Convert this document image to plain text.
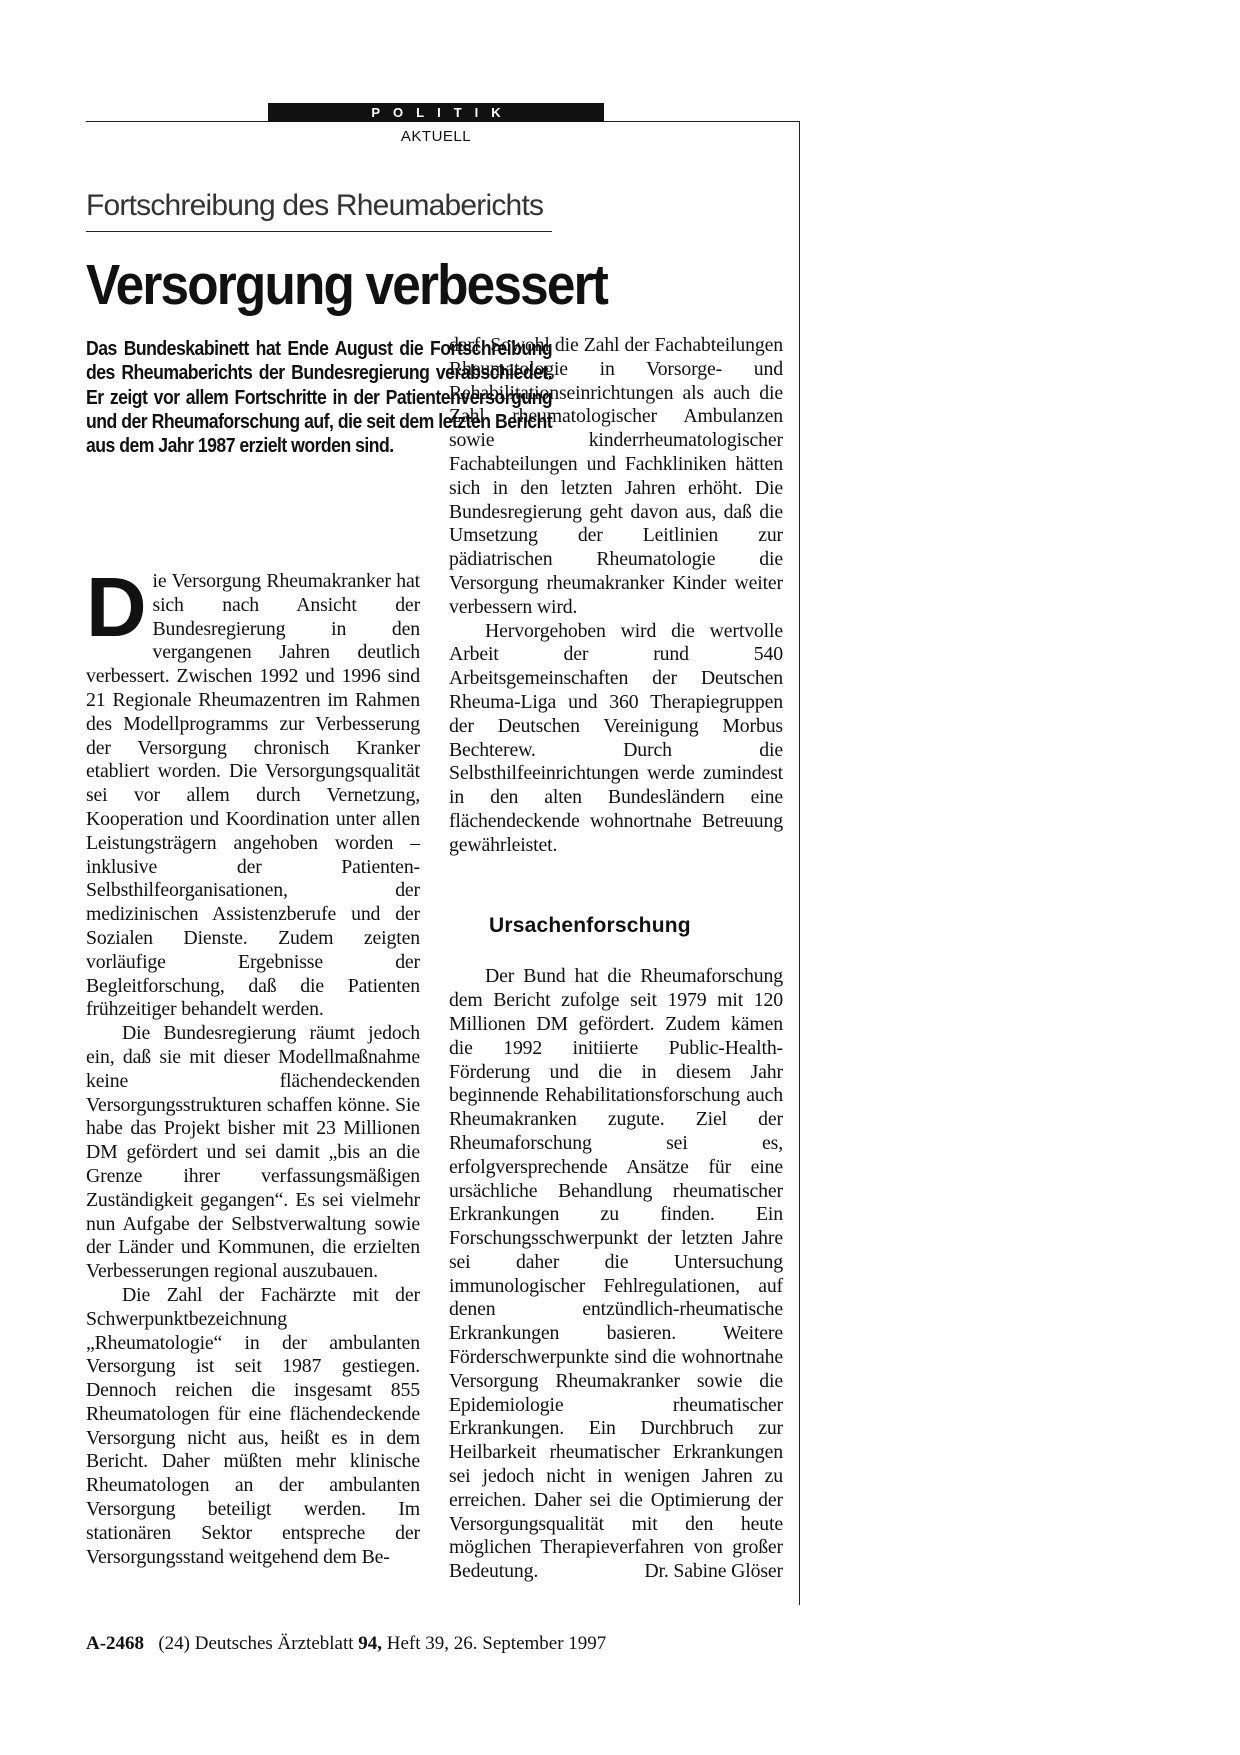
POLITIK
AKTUELL
Fortschreibung des Rheumaberichts
Versorgung verbessert
Das Bundeskabinett hat Ende August die Fortschreibung des Rheumaberichts der Bundesregierung verabschiedet. Er zeigt vor allem Fortschritte in der Patientenversorgung und der Rheumaforschung auf, die seit dem letzten Bericht aus dem Jahr 1987 erzielt worden sind.

Die Versorgung Rheumakranker hat sich nach Ansicht der Bundesregierung in den vergangenen Jahren deutlich verbessert. Zwischen 1992 und 1996 sind 21 Regionale Rheumazentren im Rahmen des Modellprogramms zur Verbesserung der Versorgung chronisch Kranker etabliert worden. Die Versorgungsqualität sei vor allem durch Vernetzung, Kooperation und Koordination unter allen Leistungsträgern angehoben worden – inklusive der Patienten-Selbsthilfeorganisationen, der medizinischen Assistenzberufe und der Sozialen Dienste. Zudem zeigten vorläufige Ergebnisse der Begleitforschung, daß die Patienten frühzeitiger behandelt werden.

Die Bundesregierung räumt jedoch ein, daß sie mit dieser Modellmaßnahme keine flächendeckenden Versorgungsstrukturen schaffen könne. Sie habe das Projekt bisher mit 23 Millionen DM gefördert und sei damit „bis an die Grenze ihrer verfassungsmäßigen Zuständigkeit gegangen“. Es sei vielmehr nun Aufgabe der Selbstverwaltung sowie der Länder und Kommunen, die erzielten Verbesserungen regional auszubauen.

Die Zahl der Fachärzte mit der Schwerpunktbezeichnung „Rheumatologie“ in der ambulanten Versorgung ist seit 1987 gestiegen. Dennoch reichen die insgesamt 855 Rheumatologen für eine flächendeckende Versorgung nicht aus, heißt es in dem Bericht. Daher müßten mehr klinische Rheumatologen an der ambulanten Versorgung beteiligt werden. Im stationären Sektor entspreche der Versorgungsstand weitgehend dem Be-

darf. Sowohl die Zahl der Fachabteilungen Rheumatologie in Vorsorge- und Rehabilitationseinrichtungen als auch die Zahl rheumatologischer Ambulanzen sowie kinderrheumatologischer Fachabteilungen und Fachkliniken hätten sich in den letzten Jahren erhöht. Die Bundesregierung geht davon aus, daß die Umsetzung der Leitlinien zur pädiatrischen Rheumatologie die Versorgung rheumakranker Kinder weiter verbessern wird.

Hervorgehoben wird die wertvolle Arbeit der rund 540 Arbeitsgemeinschaften der Deutschen Rheuma-Liga und 360 Therapiegruppen der Deutschen Vereinigung Morbus Bechterew. Durch die Selbsthilfeeinrichtungen werde zumindest in den alten Bundesländern eine flächendeckende wohnortnahe Betreuung gewährleistet.

Ursachenforschung

Der Bund hat die Rheumaforschung dem Bericht zufolge seit 1979 mit 120 Millionen DM gefördert. Zudem kämen die 1992 initiierte Public-Health-Förderung und die in diesem Jahr beginnende Rehabilitationsforschung auch Rheumakranken zugute. Ziel der Rheumaforschung sei es, erfolgversprechende Ansätze für eine ursächliche Behandlung rheumatischer Erkrankungen zu finden. Ein Forschungsschwerpunkt der letzten Jahre sei daher die Untersuchung immunologischer Fehlregulationen, auf denen entzündlich-rheumatische Erkrankungen basieren. Weitere Förderschwerpunkte sind die wohnortnahe Versorgung Rheumakranker sowie die Epidemiologie rheumatischer Erkrankungen. Ein Durchbruch zur Heilbarkeit rheumatischer Erkrankungen sei jedoch nicht in wenigen Jahren zu erreichen. Daher sei die Optimierung der Versorgungsqualität mit den heute möglichen Therapieverfahren von großer Bedeutung.	Dr. Sabine Glöser

A-2468 (24) Deutsches Ärzteblatt 94, Heft 39, 26. September 1997
